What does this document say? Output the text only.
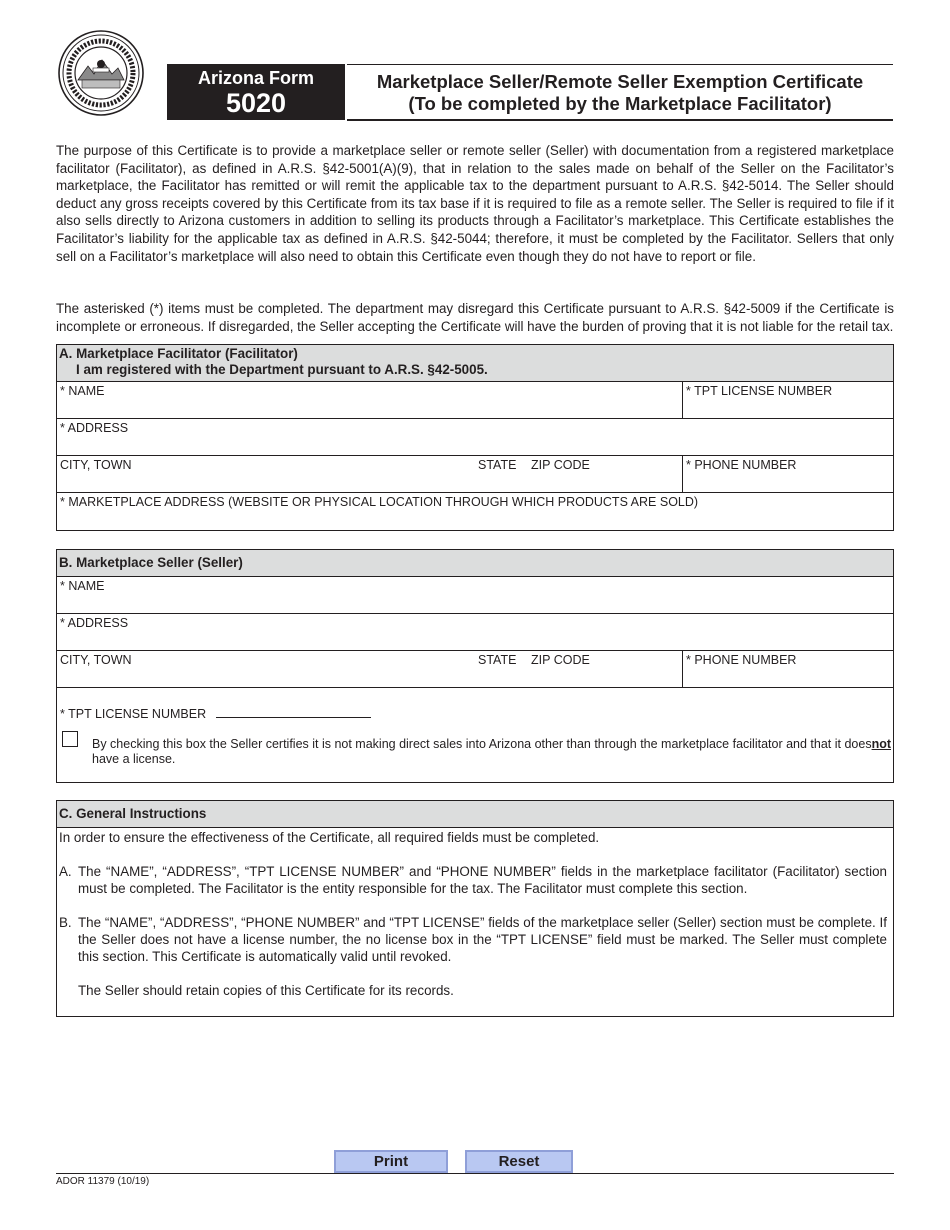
Arizona Form
5020
Marketplace Seller/Remote Seller Exemption Certificate
(To be completed by the Marketplace Facilitator)
The purpose of this Certificate is to provide a marketplace seller or remote seller (Seller) with documentation from a registered marketplace facilitator (Facilitator), as defined in A.R.S. §42-5001(A)(9), that in relation to the sales made on behalf of the Seller on the Facilitator’s marketplace, the Facilitator has remitted or will remit the applicable tax to the department pursuant to A.R.S. §42-5014. The Seller should deduct any gross receipts covered by this Certificate from its tax base if it is required to file as a remote seller. The Seller is required to file if it also sells directly to Arizona customers in addition to selling its products through a Facilitator’s marketplace. This Certificate establishes the Facilitator’s liability for the applicable tax as defined in A.R.S. §42-5044; therefore, it must be completed by the Facilitator. Sellers that only sell on a Facilitator’s marketplace will also need to obtain this Certificate even though they do not have to report or file.
The asterisked (*) items must be completed. The department may disregard this Certificate pursuant to A.R.S. §42-5009 if the Certificate is incomplete or erroneous. If disregarded, the Seller accepting the Certificate will have the burden of proving that it is not liable for the retail tax.
A. Marketplace Facilitator (Facilitator)
I am registered with the Department pursuant to A.R.S. §42-5005.
* NAME	* TPT LICENSE NUMBER
* ADDRESS
CITY, TOWN	STATE ZIP CODE	* PHONE NUMBER
* MARKETPLACE ADDRESS (WEBSITE OR PHYSICAL LOCATION THROUGH WHICH PRODUCTS ARE SOLD)
B. Marketplace Seller (Seller)
* NAME
* ADDRESS
CITY, TOWN	STATE ZIP CODE	* PHONE NUMBER
* TPT LICENSE NUMBER
By checking this box the Seller certifies it is not making direct sales into Arizona other than through the marketplace facilitator and that it does not
have a license.
C. General Instructions
In order to ensure the effectiveness of the Certificate, all required fields must be completed.
A. The “NAME”, “ADDRESS”, “TPT LICENSE NUMBER” and “PHONE NUMBER” fields in the marketplace facilitator (Facilitator) section must be completed. The Facilitator is the entity responsible for the tax. The Facilitator must complete this section.
B. The “NAME”, “ADDRESS”, “PHONE NUMBER” and “TPT LICENSE” fields of the marketplace seller (Seller) section must be complete. If the Seller does not have a license number, the no license box in the “TPT LICENSE” field must be marked. The Seller must complete this section. This Certificate is automatically valid until revoked.
The Seller should retain copies of this Certificate for its records.
Print	Reset
ADOR 11379 (10/19)
